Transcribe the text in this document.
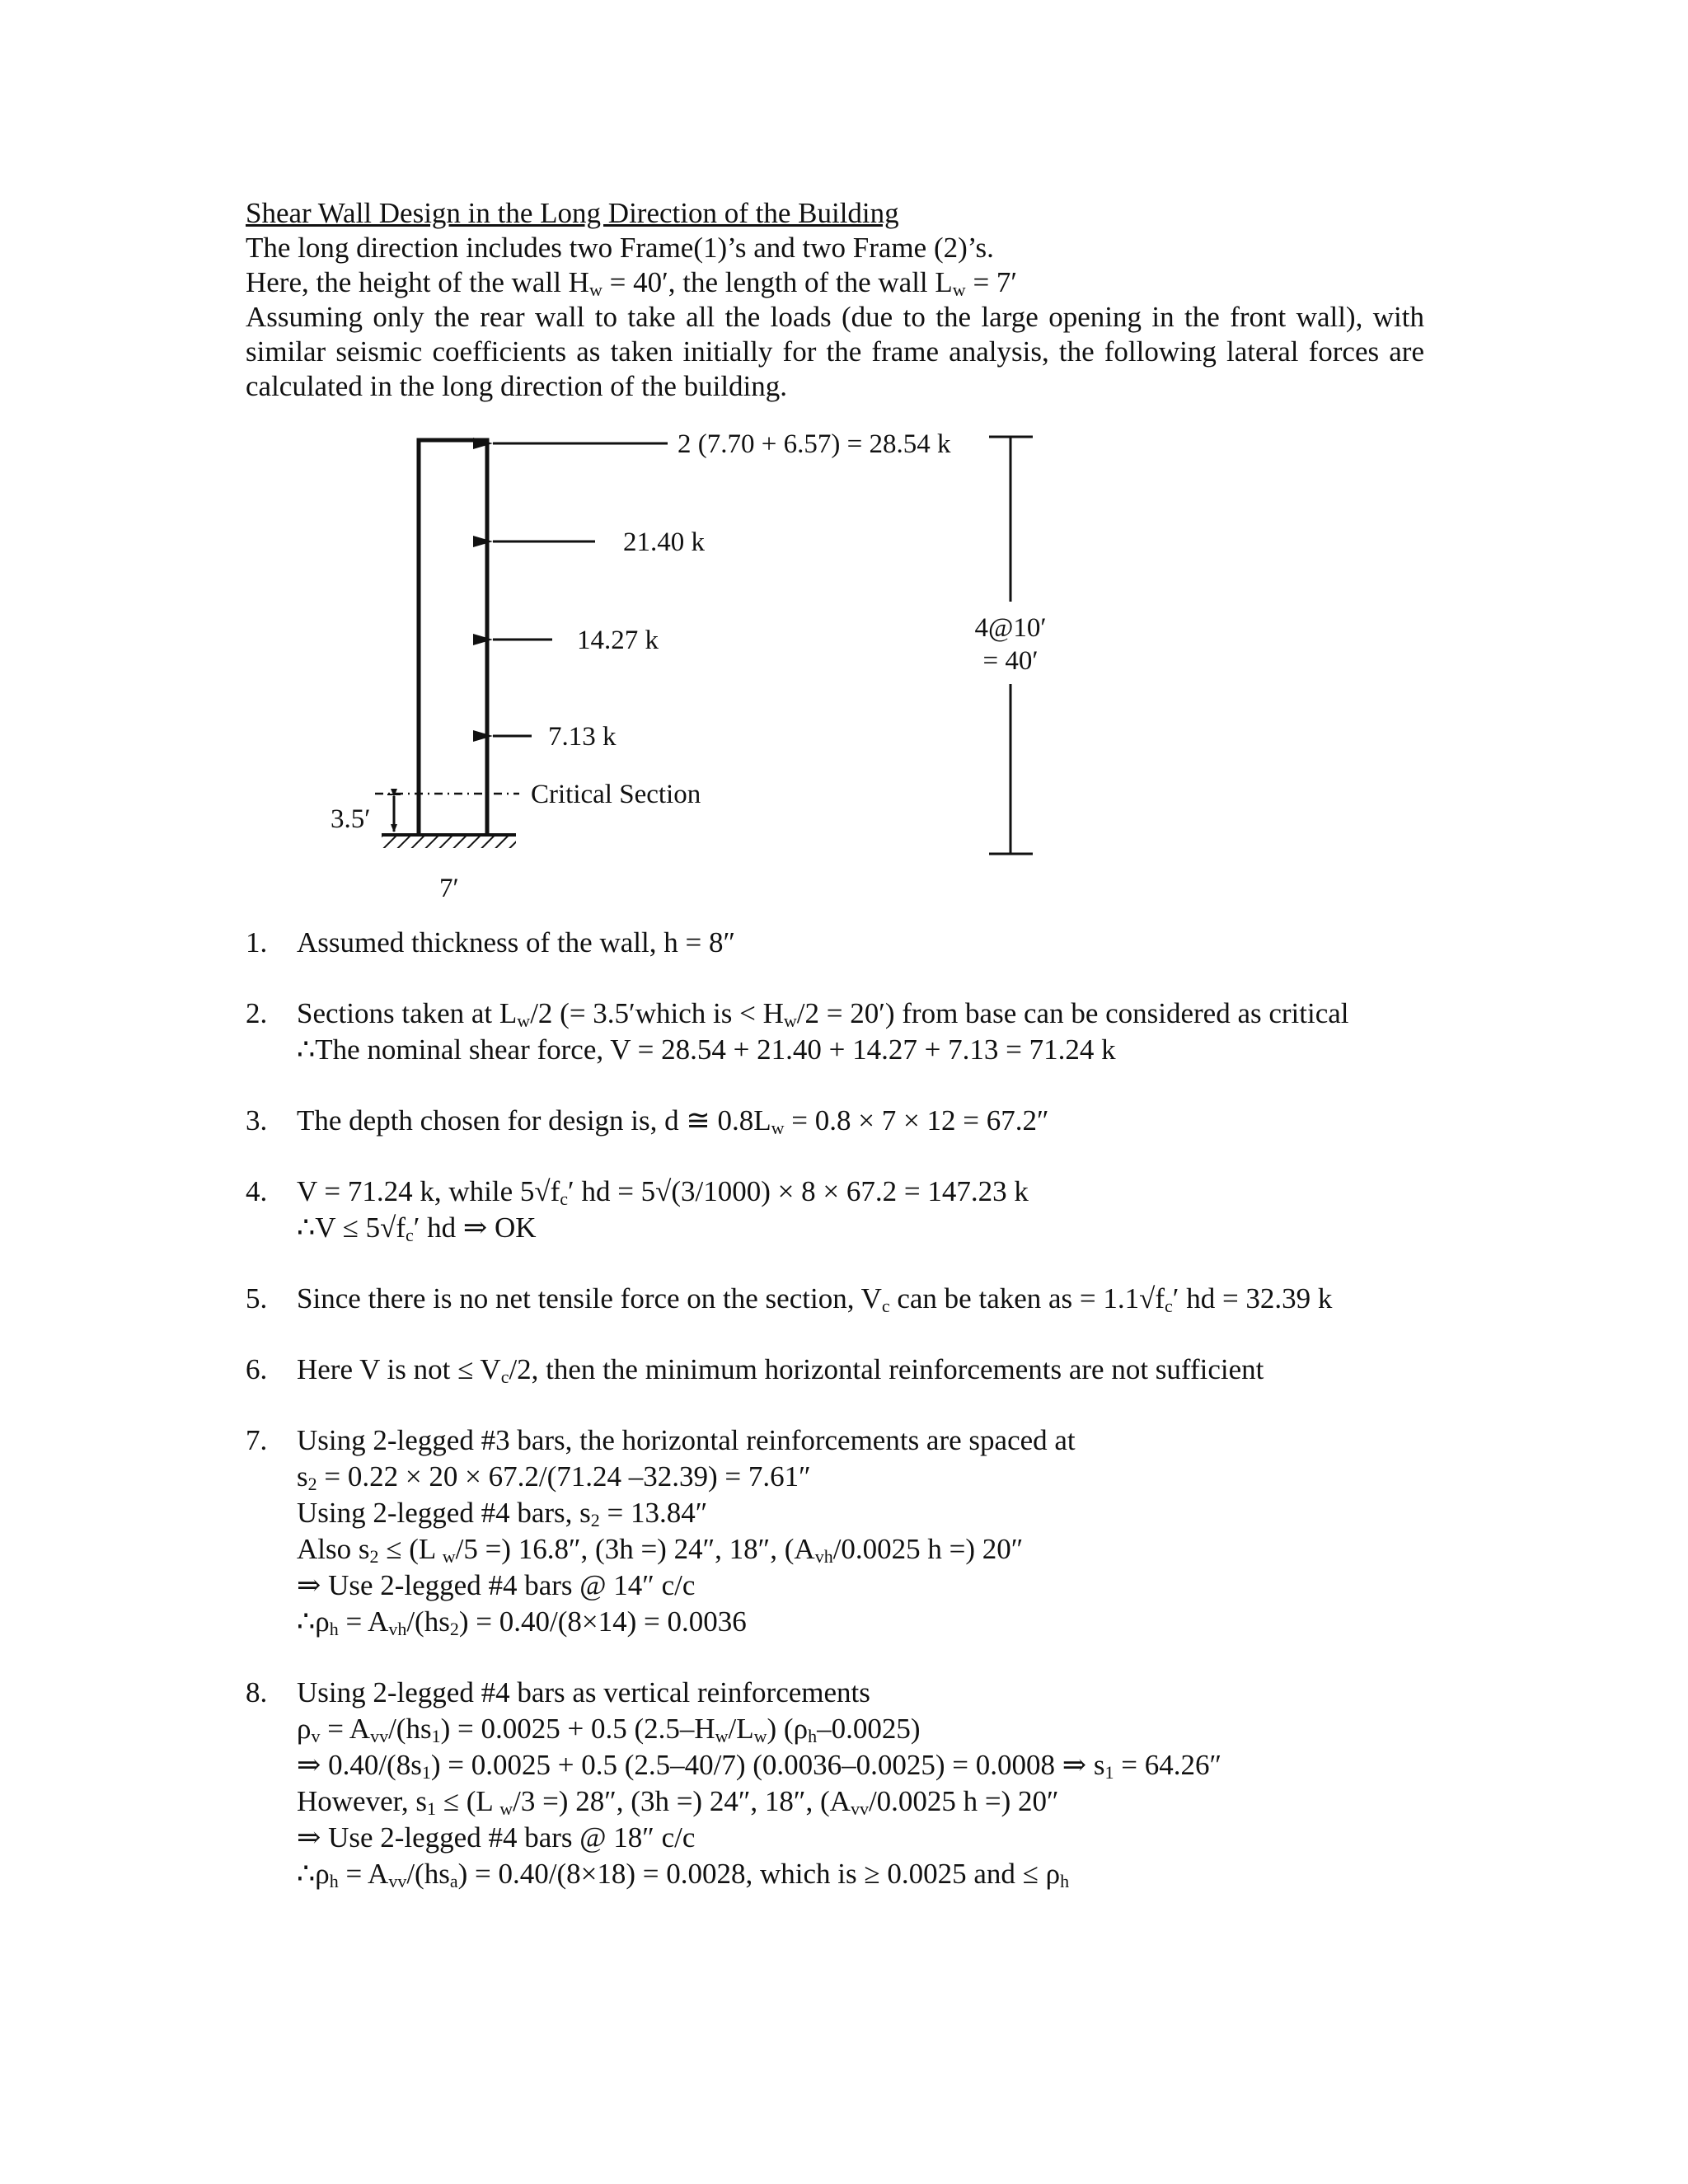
Shear Wall Design in the Long Direction of the Building

The long direction includes two Frame(1)’s and two Frame (2)’s.

Here, the height of the wall $H_w = 40'$, the length of the wall $L_w = 7'$

Assuming only the rear wall to take all the loads (due to the large opening in the front wall), with similar seismic coefficients as taken initially for the frame analysis, the following lateral forces are calculated in the long direction of the building.

2 (7.70 + 6.57) = 28.54 k
21.40 k
14.27 k
7.13 k
4@10′
= 40′
Critical Section
3.5′
7′
1. Assumed thickness of the wall, h = 8″
2. Sections taken at $L_w/2$ (= 3.5′which is < $H_w/2 = 20'$) from base can be considered as critical
∴The nominal shear force, V = 28.54 + 21.40 + 14.27 + 7.13 = 71.24 k
3. The depth chosen for design is, d ≅ $0.8L_w = 0.8 \times 7 \times 12 = 67.2''$
4. V = 71.24 k, while $5√f_c'$ hd = 5√(3/1000) × 8 × 67.2 = 147.23 k
∴V ≤ $5√f_c'$ hd ⇒ OK
5. Since there is no net tensile force on the section, $V_c$ can be taken as = $1.1√f_c'$ hd = 32.39 k
6. Here V is not ≤ $V_c/2$, then the minimum horizontal reinforcements are not sufficient
7. Using 2-legged #3 bars, the horizontal reinforcements are spaced at
$s_2 = 0.22 \times 20 \times 67.2/(71.24$ –32.39) = 7.61″
Using 2-legged #4 bars, $s_2 = 13.84''$
Also $s_2 \le (L$ $_w$/5 =) 16.8″, (3h =) 24″, 18″, ($A_{vh}/0.0025$ h =) 20″
⇒ Use 2-legged #4 bars @ 14″ c/c
$\therefore\rho_h = A_{vh}/(hs_2) = 0.40/(8\times 14) = 0.0036$
8. Using 2-legged #4 bars as vertical reinforcements
$\rho_v = A_{vv}/(hs_1) = 0.0025 + 0.5$ $(2.5-H_w/L_w)$ $(\rho_h-0.0025)$
⇒ $0.40/(8s_1) = 0.0025 + 0.5$ (2.5–40/7) (0.0036–0.0025) = 0.0008 ⇒ $s_1 = 64.26''$
However, $s_1 \le (L$ $_w$/3 =) 28″, (3h =) 24″, 18″, ($A_{vv}/0.0025$ h =) 20″
⇒ Use 2-legged #4 bars @ 18″ c/c
$\therefore\rho_h = A_{vv}/(hs_a) = 0.40/(8\times 18) = 0.0028$, which is ≥ 0.0025 and ≤ $\rho_h$
